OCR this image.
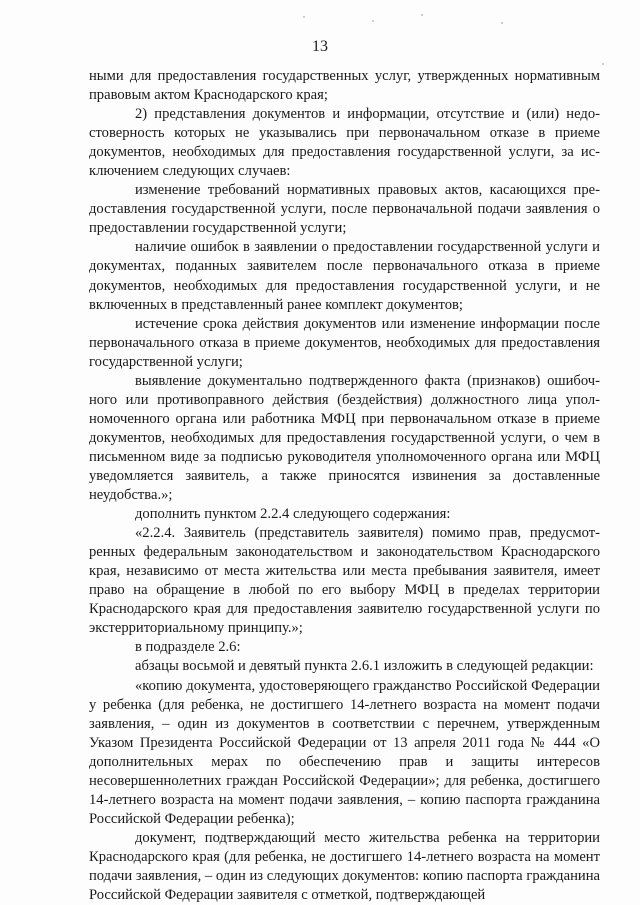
13

ными для предоставления государственных услуг, утвержденных нормативным правовым актом Краснодарского края;

2) представления документов и информации, отсутствие и (или) недостоверность которых не указывались при первоначальном отказе в приеме документов, необходимых для предоставления государственной услуги, за исключением следующих случаев:

изменение требований нормативных правовых актов, касающихся предоставления государственной услуги, после первоначальной подачи заявления о предоставлении государственной услуги;

наличие ошибок в заявлении о предоставлении государственной услуги и документах, поданных заявителем после первоначального отказа в приеме документов, необходимых для предоставления государственной услуги, и не включенных в представленный ранее комплект документов;

истечение срока действия документов или изменение информации после первоначального отказа в приеме документов, необходимых для предоставления государственной услуги;

выявление документально подтвержденного факта (признаков) ошибочного или противоправного действия (бездействия) должностного лица уполномоченного органа или работника МФЦ при первоначальном отказе в приеме документов, необходимых для предоставления государственной услуги, о чем в письменном виде за подписью руководителя уполномоченного органа или МФЦ уведомляется заявитель, а также приносятся извинения за доставленные неудобства.»;

дополнить пунктом 2.2.4 следующего содержания:

«2.2.4. Заявитель (представитель заявителя) помимо прав, предусмотренных федеральным законодательством и законодательством Краснодарского края, независимо от места жительства или места пребывания заявителя, имеет право на обращение в любой по его выбору МФЦ в пределах территории Краснодарского края для предоставления заявителю государственной услуги по экстерриториальному принципу.»;

в подразделе 2.6:

абзацы восьмой и девятый пункта 2.6.1 изложить в следующей редакции:

«копию документа, удостоверяющего гражданство Российской Федерации у ребенка (для ребенка, не достигшего 14-летнего возраста на момент подачи заявления, – один из документов в соответствии с перечнем, утвержденным Указом Президента Российской Федерации от 13 апреля 2011 года № 444 «О дополнительных мерах по обеспечению прав и защиты интересов несовершеннолетних граждан Российской Федерации»; для ребенка, достигшего 14-летнего возраста на момент подачи заявления, – копию паспорта гражданина Российской Федерации ребенка);

документ, подтверждающий место жительства ребенка на территории Краснодарского края (для ребенка, не достигшего 14-летнего возраста на момент подачи заявления, – один из следующих документов: копию паспорта гражданина Российской Федерации заявителя с отметкой, подтверждающей
